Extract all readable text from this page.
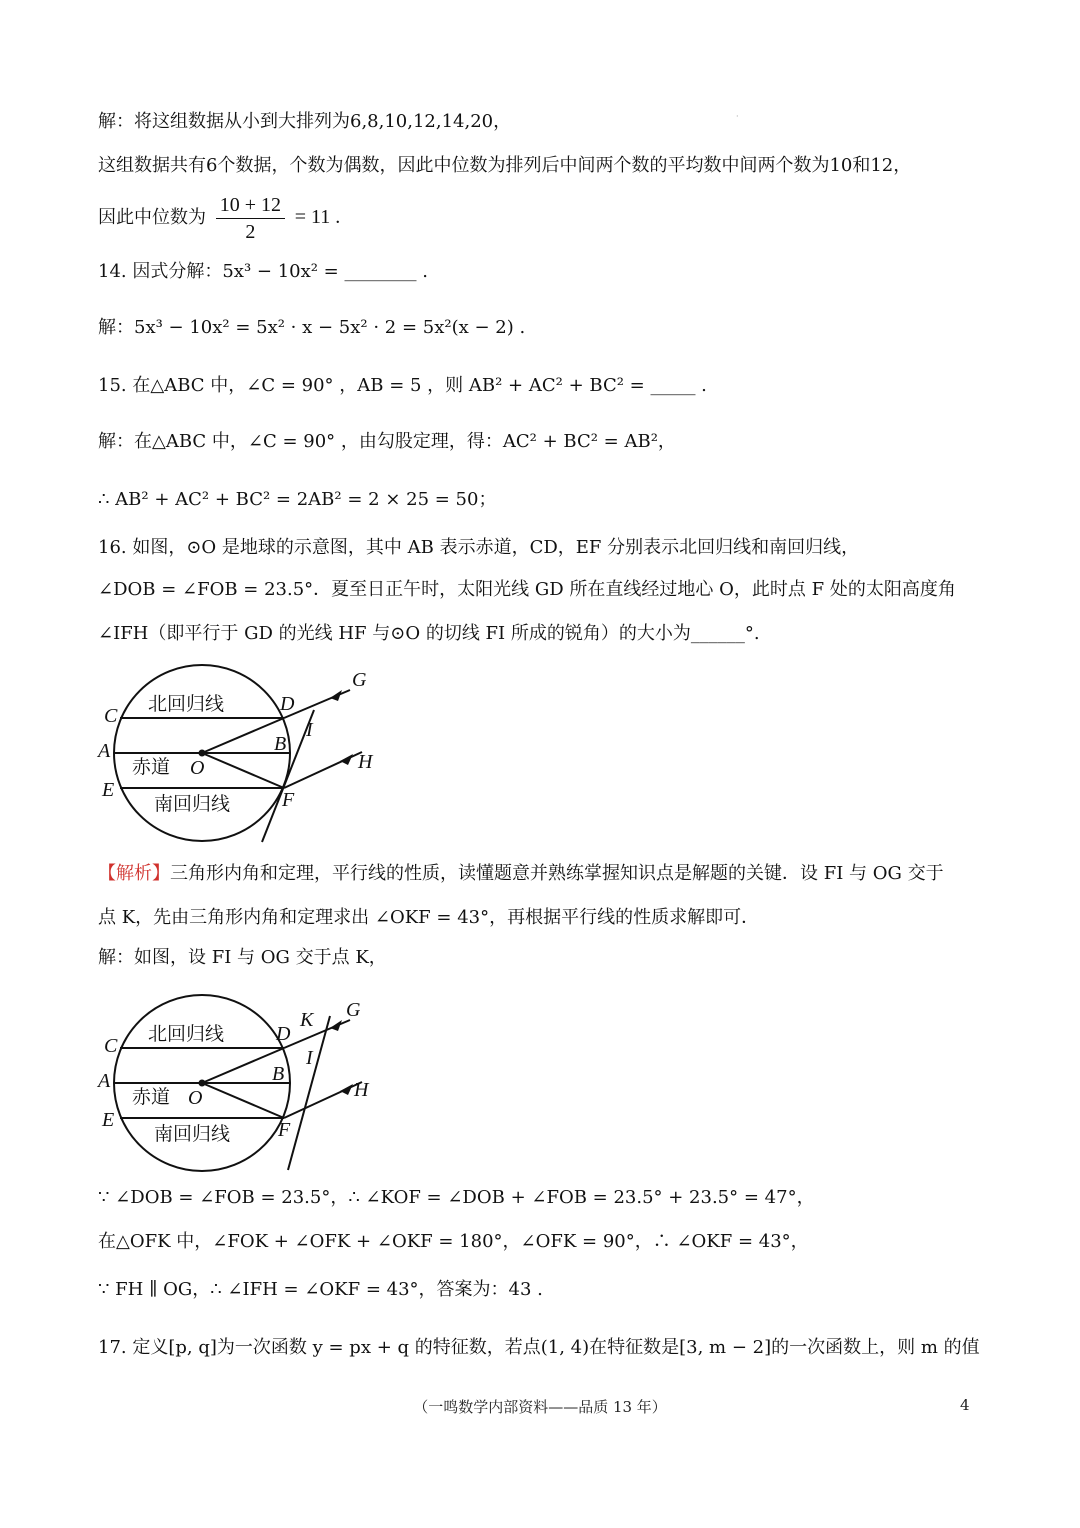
·
解：将这组数据从小到大排列为6,8,10,12,14,20，
这组数据共有6个数据，个数为偶数，因此中位数为排列后中间两个数的平均数中间两个数为10和12，
因此中位数为 $\frac{10 + 12}{2} = 11$ .
14. 因式分解：5x³ − 10x² = ________ .
解：5x³ − 10x² = 5x² · x − 5x² · 2 = 5x²(x − 2) .
15. 在△ABC 中，∠C = 90° ，AB = 5 ，则 AB² + AC² + BC² = _____ .
解：在△ABC 中，∠C = 90° ，由勾股定理，得：AC² + BC² = AB²，
∴ AB² + AC² + BC² = 2AB² = 2 × 25 = 50；
16. 如图，⊙O 是地球的示意图，其中 AB 表示赤道，CD，EF 分别表示北回归线和南回归线，
∠DOB = ∠FOB = 23.5°．夏至日正午时，太阳光线 GD 所在直线经过地心 O，此时点 F 处的太阳高度角
∠IFH（即平行于 GD 的光线 HF 与⊙O 的切线 FI 所成的锐角）的大小为______°.
北回归线
赤道
南回归线
C
A
E
D
B
O
F
G
I
H
【解析】三角形内角和定理，平行线的性质，读懂题意并熟练掌握知识点是解题的关键．设 FI 与 OG 交于
点 K，先由三角形内角和定理求出 ∠OKF = 43°，再根据平行线的性质求解即可．
解：如图，设 FI 与 OG 交于点 K，
北回归线
赤道
南回归线
C
A
E
D
K
B
O
F
G
I
H
∵ ∠DOB = ∠FOB = 23.5°，∴ ∠KOF = ∠DOB + ∠FOB = 23.5° + 23.5° = 47°，
在△OFK 中，∠FOK + ∠OFK + ∠OKF = 180°，∠OFK = 90°，∴ ∠OKF = 43°，
∵ FH ∥ OG，∴ ∠IFH = ∠OKF = 43°，答案为：43 .
17. 定义[p, q]为一次函数 y = px + q 的特征数，若点(1, 4)在特征数是[3, m − 2]的一次函数上，则 m 的值
（一鸣数学内部资料——品质 13 年）	4
